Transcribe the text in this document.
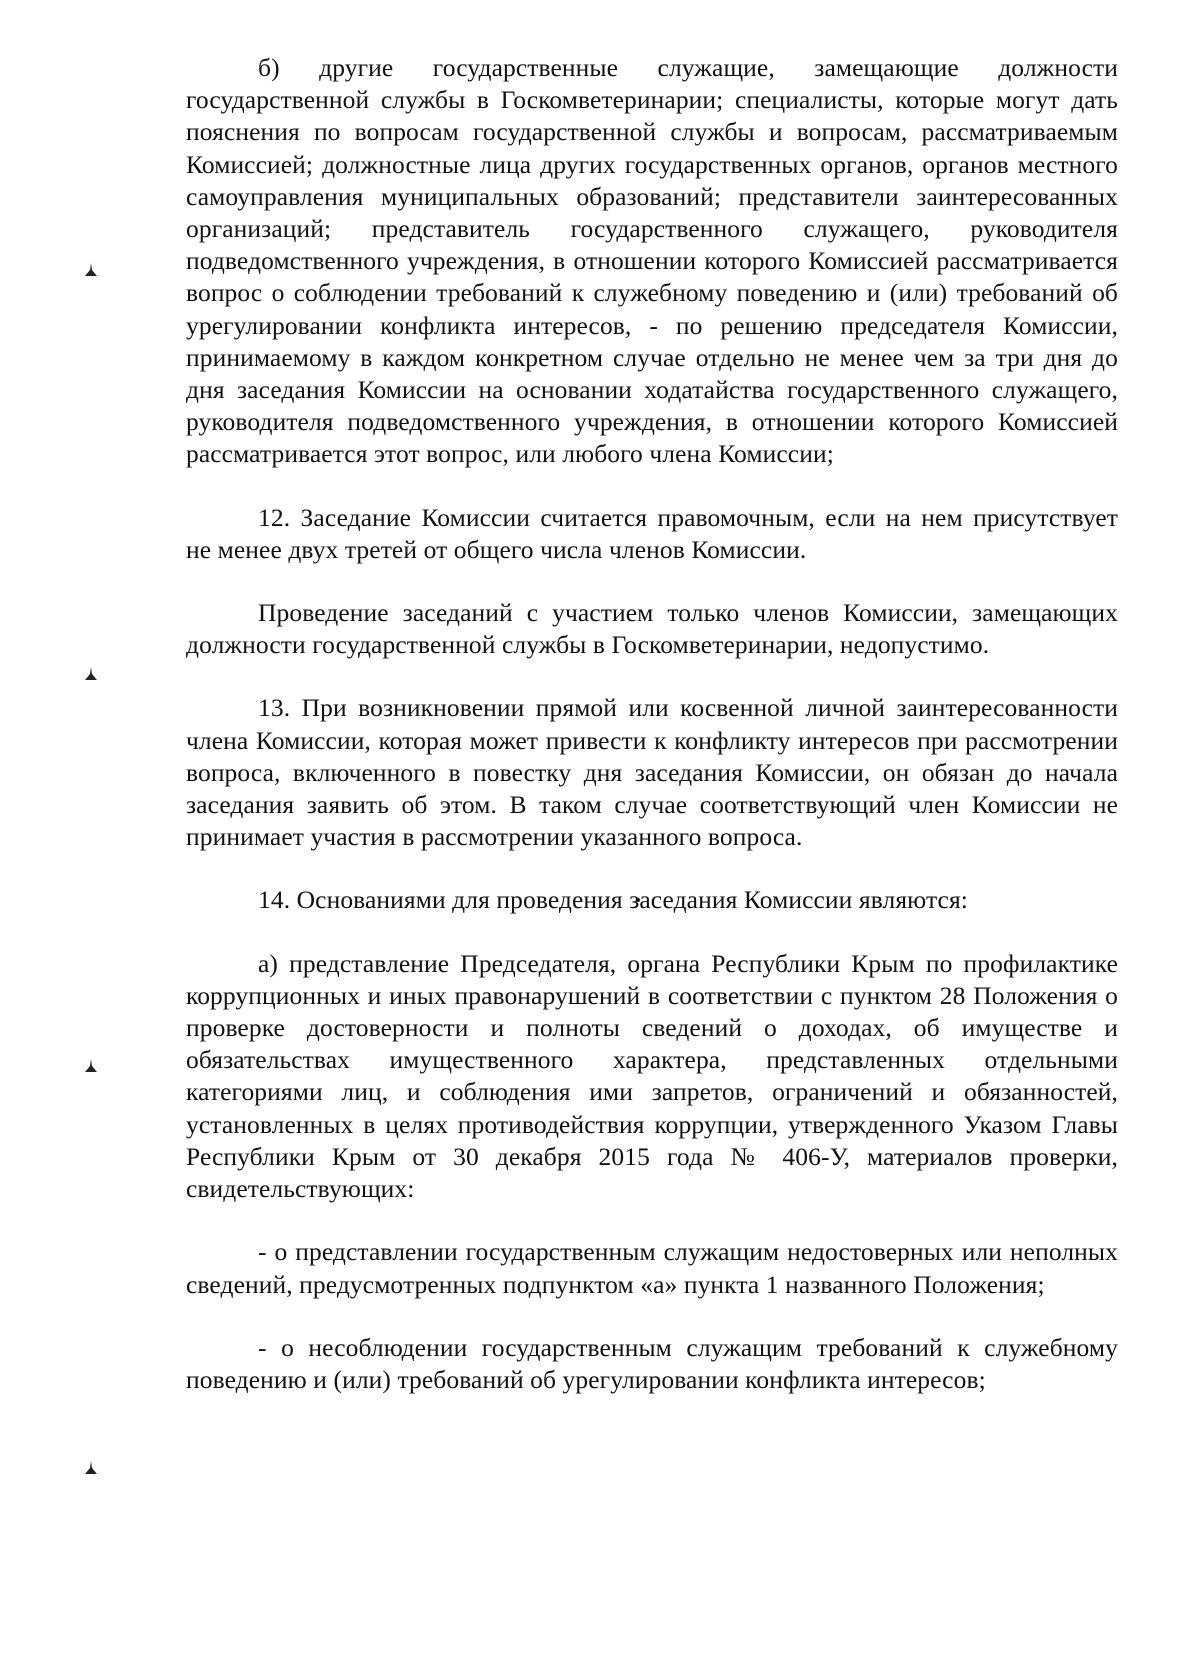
б) другие государственные служащие, замещающие должности государственной службы в Госкомветеринарии; специалисты, которые могут дать пояснения по вопросам государственной службы и вопросам, рассматриваемым Комиссией; должностные лица других государственных органов, органов местного самоуправления муниципальных образований; представители заинтересованных организаций; представитель государственного служащего, руководителя подведомственного учреждения, в отношении которого Комиссией рассматривается вопрос о соблюдении требований к служебному поведению и (или) требований об урегулировании конфликта интересов, - по решению председателя Комиссии, принимаемому в каждом конкретном случае отдельно не менее чем за три дня до дня заседания Комиссии на основании ходатайства государственного служащего, руководителя подведомственного учреждения, в отношении которого Комиссией рассматривается этот вопрос, или любого члена Комиссии;

12. Заседание Комиссии считается правомочным, если на нем присутствует не менее двух третей от общего числа членов Комиссии.

Проведение заседаний с участием только членов Комиссии, замещающих должности государственной службы в Госкомветеринарии, недопустимо.

13. При возникновении прямой или косвенной личной заинтересованности члена Комиссии, которая может привести к конфликту интересов при рассмотрении вопроса, включенного в повестку дня заседания Комиссии, он обязан до начала заседания заявить об этом. В таком случае соответствующий член Комиссии не принимает участия в рассмотрении указанного вопроса.

14. Основаниями для проведения заседания Комиссии являются:

а) представление Председателя, органа Республики Крым по профилактике коррупционных и иных правонарушений в соответствии с пунктом 28 Положения о проверке достоверности и полноты сведений о доходах, об имуществе и обязательствах имущественного характера, представленных отдельными категориями лиц, и соблюдения ими запретов, ограничений и обязанностей, установленных в целях противодействия коррупции, утвержденного Указом Главы Республики Крым от 30 декабря 2015 года № 406-У, материалов проверки, свидетельствующих:

- о представлении государственным служащим недостоверных или неполных сведений, предусмотренных подпунктом «а» пункта 1 названного Положения;

- о несоблюдении государственным служащим требований к служебному поведению и (или) требований об урегулировании конфликта интересов;
